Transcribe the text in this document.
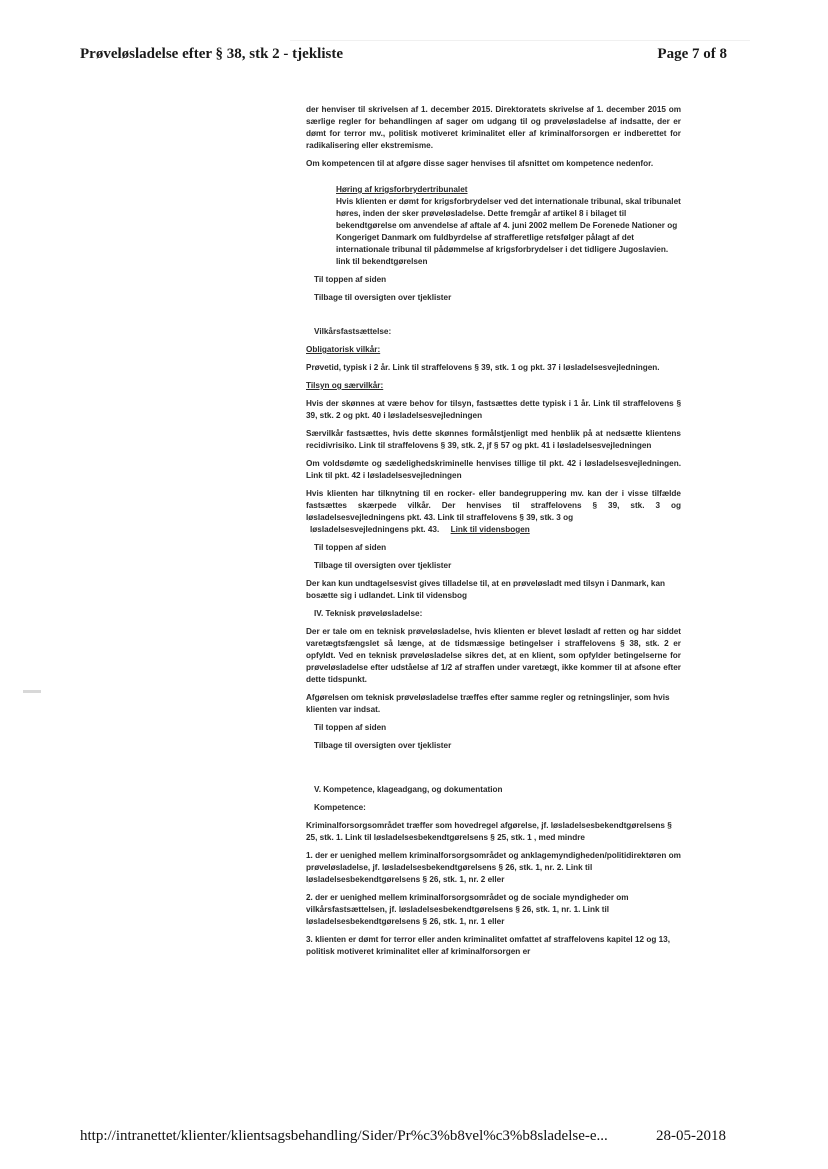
Prøveløsladelse efter § 38, stk 2 - tjekliste	Page 7 of 8

der henviser til skrivelsen af 1. december 2015. Direktoratets skrivelse af 1. december 2015 om særlige regler for behandlingen af sager om udgang til og prøveløsladelse af indsatte, der er dømt for terror mv., politisk motiveret kriminalitet eller af kriminalforsorgen er indberettet for radikalisering eller ekstremisme.

Om kompetencen til at afgøre disse sager henvises til afsnittet om kompetence nedenfor.

Høring af krigsforbrydertribunalet

Hvis klienten er dømt for krigsforbrydelser ved det internationale tribunal, skal tribunalet høres, inden der sker prøveløsladelse. Dette fremgår af artikel 8 i bilaget til bekendtgørelse om anvendelse af aftale af 4. juni 2002 mellem De Forenede Nationer og Kongeriget Danmark om fuldbyrdelse af strafferetlige retsfølger pålagt af det internationale tribunal til pådømmelse af krigsforbrydelser i det tidligere Jugoslavien. link til bekendtgørelsen

Til toppen af siden

Tilbage til oversigten over tjeklister

Vilkårsfastsættelse:

Obligatorisk vilkår:

Prøvetid, typisk i 2 år. Link til straffelovens § 39, stk. 1 og pkt. 37 i løsladelsesvejledningen.

Tilsyn og særvilkår:

Hvis der skønnes at være behov for tilsyn, fastsættes dette typisk i 1 år. Link til straffelovens § 39, stk. 2 og pkt. 40 i løsladelsesvejledningen

Særvilkår fastsættes, hvis dette skønnes formålstjenligt med henblik på at nedsætte klientens recidivrisiko. Link til straffelovens § 39, stk. 2, jf § 57 og pkt. 41 i løsladelsesvejledningen

Om voldsdømte og sædelighedskriminelle henvises tillige til pkt. 42 i løsladelsesvejledningen. Link til pkt. 42 i løsladelsesvejledningen

Hvis klienten har tilknytning til en rocker- eller bandegruppering mv. kan der i visse tilfælde fastsættes skærpede vilkår. Der henvises til straffelovens § 39, stk. 3 og løsladelsesvejledningens pkt. 43. Link til straffelovens § 39, stk. 3 og

løsladelsesvejledningens pkt. 43. Link til vidensbogen

Til toppen af siden

Tilbage til oversigten over tjeklister

Der kan kun undtagelsesvist gives tilladelse til, at en prøveløsladt med tilsyn i Danmark, kan bosætte sig i udlandet. Link til vidensbog

IV. Teknisk prøveløsladelse:

Der er tale om en teknisk prøveløsladelse, hvis klienten er blevet løsladt af retten og har siddet varetægtsfængslet så længe, at de tidsmæssige betingelser i straffelovens § 38, stk. 2 er opfyldt. Ved en teknisk prøveløsladelse sikres det, at en klient, som opfylder betingelserne for prøveløsladelse efter udståelse af 1/2 af straffen under varetægt, ikke kommer til at afsone efter dette tidspunkt.

Afgørelsen om teknisk prøveløsladelse træffes efter samme regler og retningslinjer, som hvis klienten var indsat.

Til toppen af siden

Tilbage til oversigten over tjeklister

V. Kompetence, klageadgang, og dokumentation

Kompetence:

Kriminalforsorgsområdet træffer som hovedregel afgørelse, jf. løsladelsesbekendtgørelsens § 25, stk. 1. Link til løsladelsesbekendtgørelsens § 25, stk. 1 , med mindre

1. der er uenighed mellem kriminalforsorgsområdet og anklagemyndigheden/politidirektøren om prøveløsladelse, jf. løsladelsesbekendtgørelsens § 26, stk. 1, nr. 2. Link til løsladelsesbekendtgørelsens § 26, stk. 1, nr. 2 eller

2. der er uenighed mellem kriminalforsorgsområdet og de sociale myndigheder om vilkårsfastsættelsen, jf. løsladelsesbekendtgørelsens § 26, stk. 1, nr. 1. Link til løsladelsesbekendtgørelsens § 26, stk. 1, nr. 1 eller

3. klienten er dømt for terror eller anden kriminalitet omfattet af straffelovens kapitel 12 og 13, politisk motiveret kriminalitet eller af kriminalforsorgen er

http://intranettet/klienter/klientsagsbehandling/Sider/Pr%c3%b8vel%c3%b8sladelse-e...	28-05-2018
